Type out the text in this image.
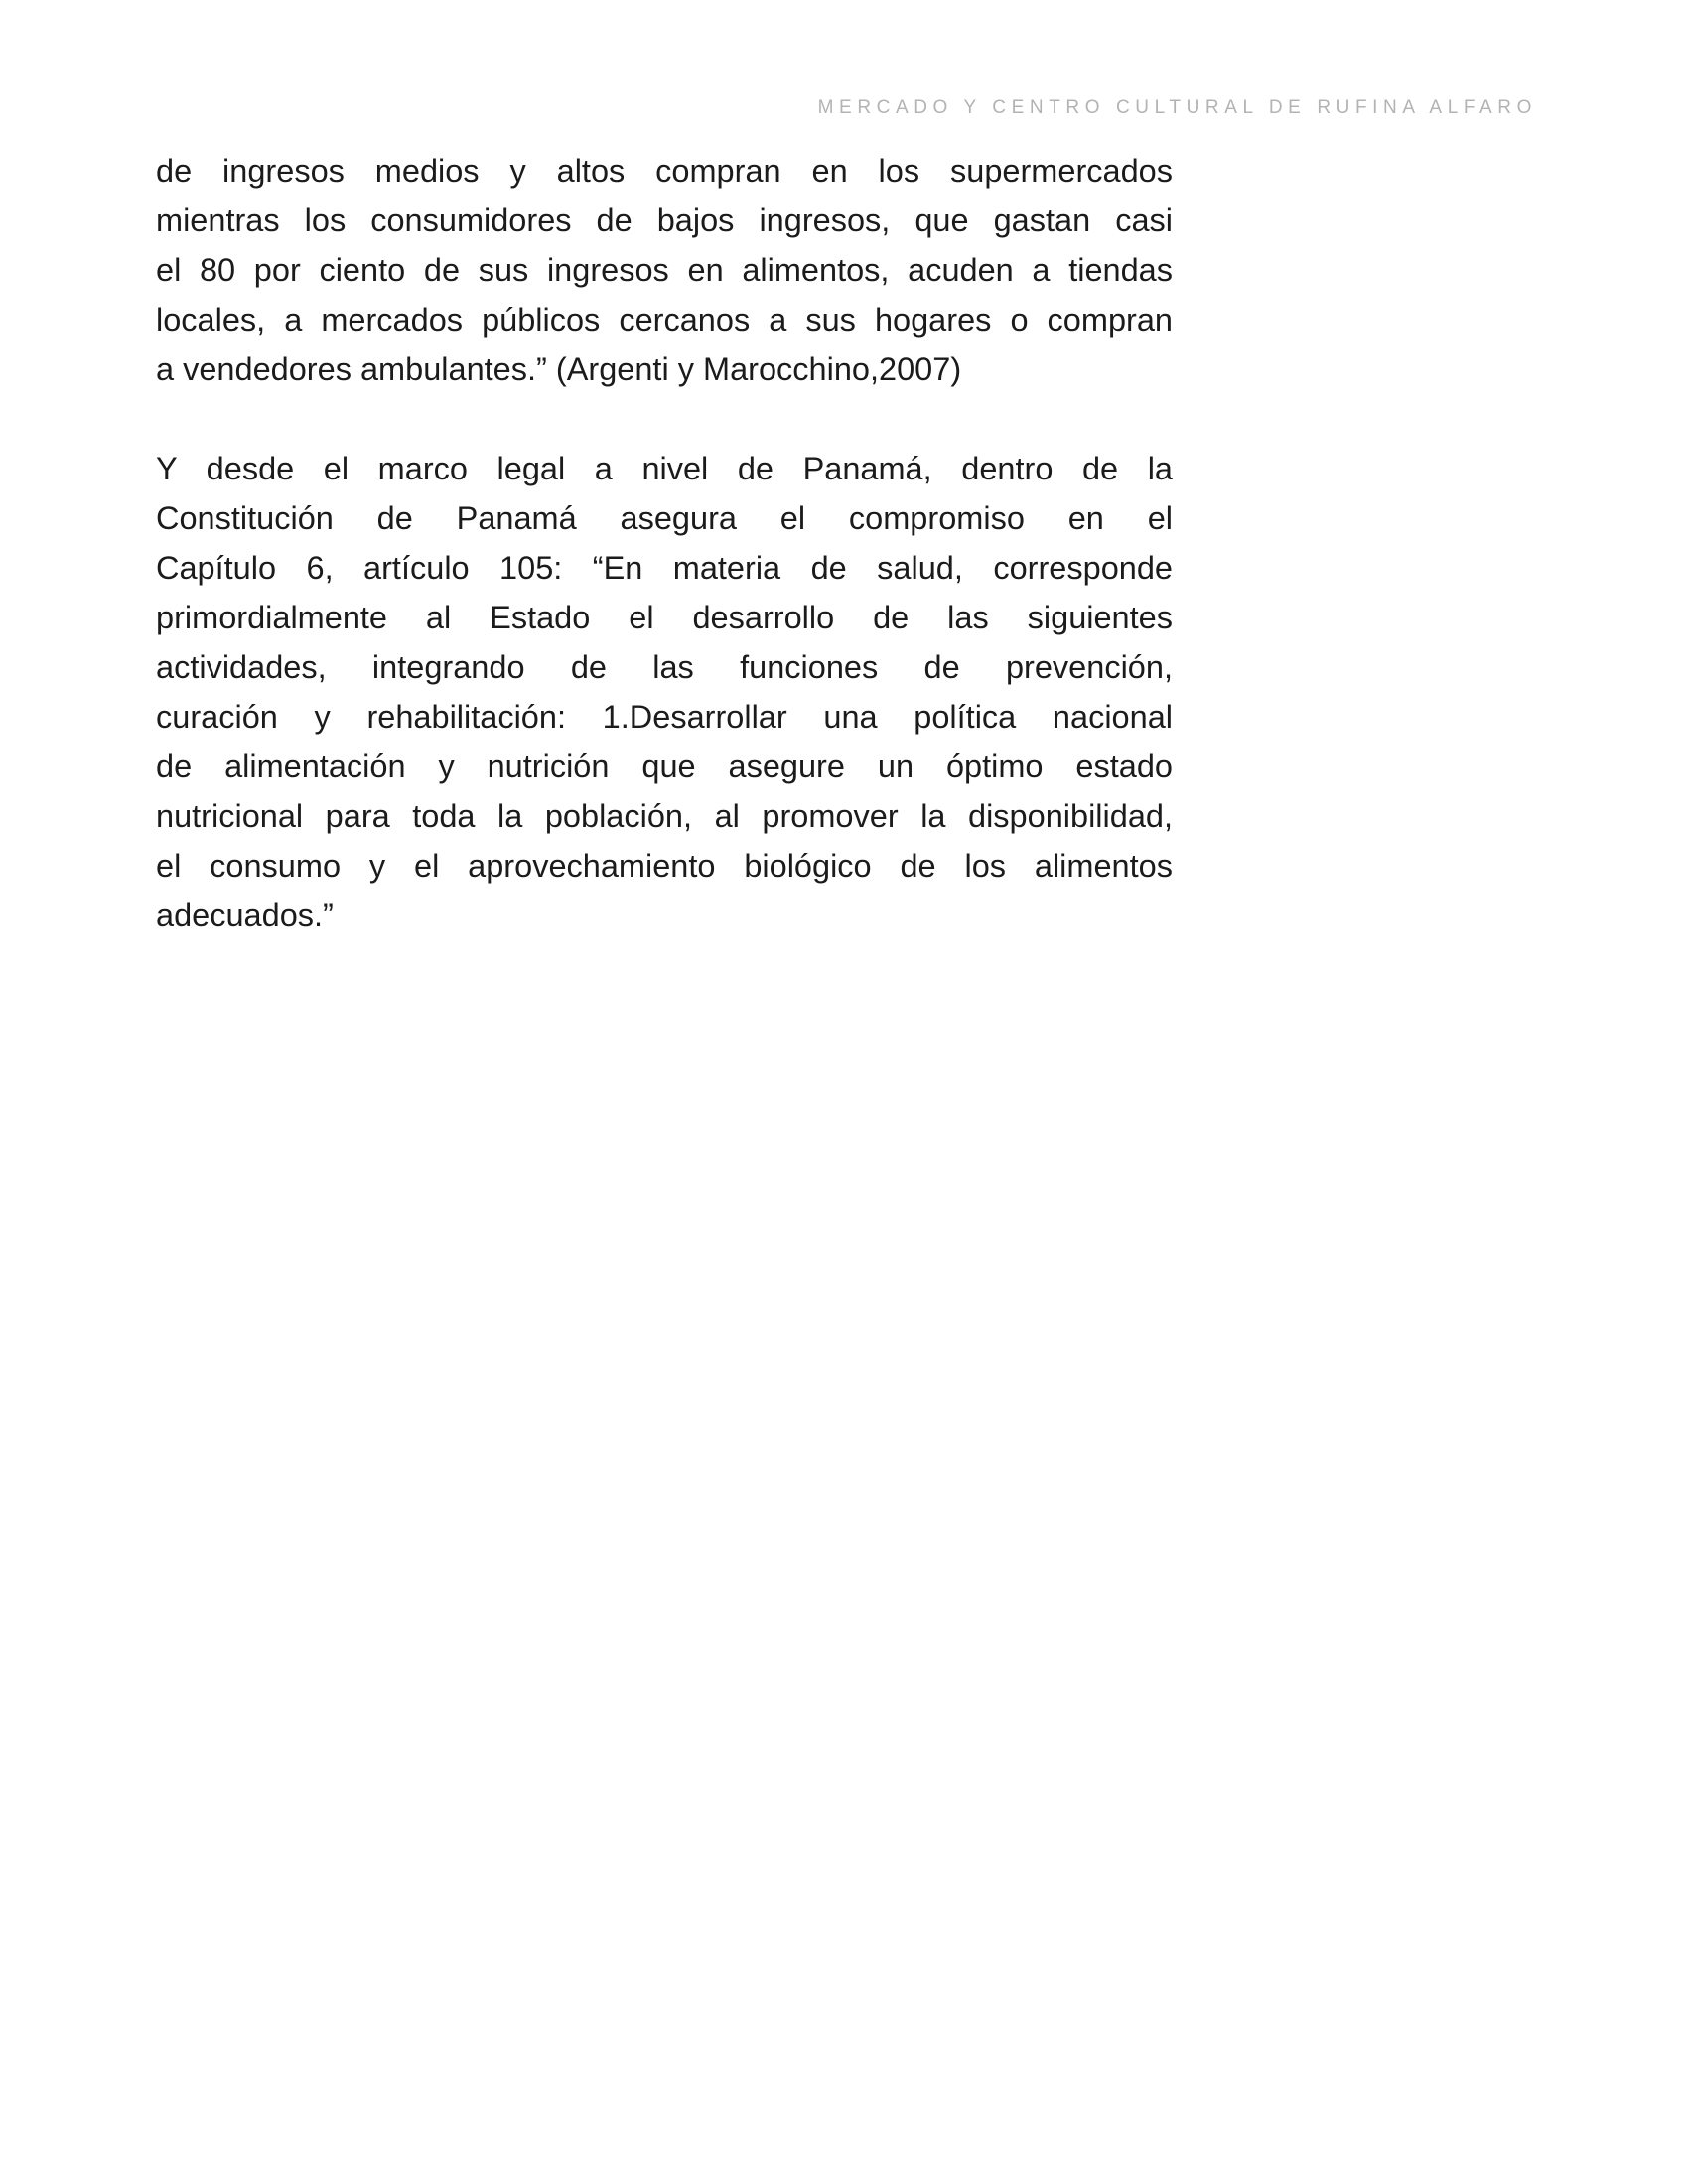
MERCADO Y CENTRO CULTURAL DE RUFINA ALFARO

de ingresos medios y altos compran en los supermercados
mientras los consumidores de bajos ingresos, que gastan casi
el 80 por ciento de sus ingresos en alimentos, acuden a tiendas
locales, a mercados públicos cercanos a sus hogares o compran
a vendedores ambulantes.” (Argenti y Marocchino,2007)

Y desde el marco legal a nivel de Panamá, dentro de la
Constitución de Panamá asegura el compromiso en el
Capítulo 6, artículo 105: “En materia de salud, corresponde
primordialmente al Estado el desarrollo de las siguientes
actividades, integrando de las funciones de prevención,
curación y rehabilitación: 1.Desarrollar una política nacional
de alimentación y nutrición que asegure un óptimo estado
nutricional para toda la población, al promover la disponibilidad,
el consumo y el aprovechamiento biológico de los alimentos
adecuados.”
